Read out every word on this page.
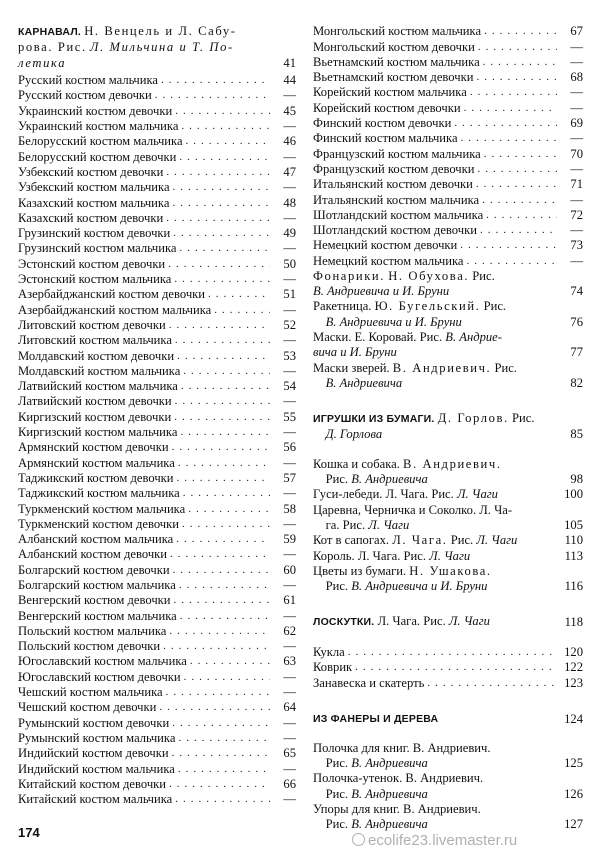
КАРНАВАЛ. Н. Венцель и Л. Сабу-
рова. Рис. Л. Мильчина и Т. По-
летика	41
Русский костюм мальчика .....	44
Русский костюм девочки .....	—
Украинский костюм девочки .....	45
Украинский костюм мальчика .....	—
Белорусский костюм мальчика .....	46
Белорусский костюм девочки .....	—
Узбекский костюм девочки .....	47
Узбекский костюм мальчика .....	—
Казахский костюм мальчика .....	48
Казахский костюм девочки .....	—
Грузинский костюм девочки .....	49
Грузинский костюм мальчика .....	—
Эстонский костюм девочки .....	50
Эстонский костюм мальчика .....	—
Азербайджанский костюм девочки .....	51
Азербайджанский костюм мальчика .....	—
Литовский костюм девочки .....	52
Литовский костюм мальчика .....	—
Молдавский костюм девочки .....	53
Молдавский костюм мальчика .....	—
Латвийский костюм мальчика .....	54
Латвийский костюм девочки .....	—
Киргизский костюм девочки .....	55
Киргизский костюм мальчика .....	—
Армянский костюм девочки .....	56
Армянский костюм мальчика .....	—
Таджикский костюм девочки .....	57
Таджикский костюм мальчика .....	—
Туркменский костюм мальчика .....	58
Туркменский костюм девочки .....	—
Албанский костюм мальчика .....	59
Албанский костюм девочки .....	—
Болгарский костюм девочки .....	60
Болгарский костюм мальчика .....	—
Венгерский костюм девочки .....	61
Венгерский костюм мальчика .....	—
Польский костюм мальчика .....	62
Польский костюм девочки .....	—
Югославский костюм мальчика .....	63
Югославский костюм девочки .....	—
Чешский костюм мальчика .....	—
Чешский костюм девочки .....	64
Румынский костюм девочки .....	—
Румынский костюм мальчика .....	—
Индийский костюм девочки .....	65
Индийский костюм мальчика .....	—
Китайский костюм девочки .....	66
Китайский костюм мальчика .....	—
Монгольский костюм мальчика .....	67
Монгольский костюм девочки .....	—
Вьетнамский костюм мальчика .....	—
Вьетнамский костюм девочки .....	68
Корейский костюм мальчика .....	—
Корейский костюм девочки .....	—
Финский костюм девочки .....	69
Финский костюм мальчика .....	—
Французский костюм мальчика .....	70
Французский костюм девочки .....	—
Итальянский костюм девочки .....	71
Итальянский костюм мальчика .....	—
Шотландский костюм мальчика .....	72
Шотландский костюм девочки .....	—
Немецкий костюм девочки .....	73
Немецкий костюм мальчика .....	—
Фонарики. Н. Обухова. Рис.
В. Андриевича и И. Бруни	74
Ракетница. Ю. Бугельский. Рис.
В. Андриевича и И. Бруни	76
Маски. Е. Коровай. Рис. В. Андрие-
вича и И. Бруни	77
Маски зверей. В. Андриевич. Рис.
В. Андриевича	82
ИГРУШКИ ИЗ БУМАГИ. Д. Горлов. Рис.
Д. Горлова	85
Кошка и собака. В. Андриевич.
Рис. В. Андриевича	98
Гуси-лебеди. Л. Чага. Рис. Л. Чаги	100
Царевна, Черничка и Соколко. Л. Ча-
га. Рис. Л. Чаги	105
Кот в сапогах. Л. Чага. Рис. Л. Чаги	110
Король. Л. Чага. Рис. Л. Чаги	113
Цветы из бумаги. Н. Ушакова.
Рис. В. Андриевича и И. Бруни	116
ЛОСКУТКИ. Л. Чага. Рис. Л. Чаги	118
Кукла .....	120
Коврик .....	122
Занавеска и скатерть .....	123
ИЗ ФАНЕРЫ И ДЕРЕВА	124
Полочка для книг. В. Андриевич.
Рис. В. Андриевича	125
Полочка-утенок. В. Андриевич.
Рис. В. Андриевича	126
Упоры для книг. В. Андриевич.
Рис. В. Андриевича	127
174	ecolife23.livemaster.ru
